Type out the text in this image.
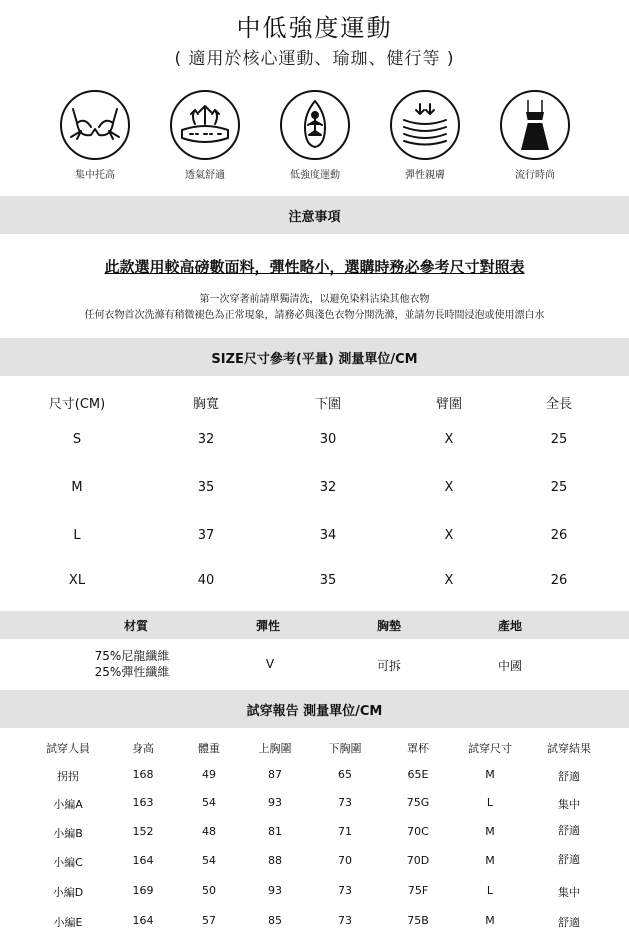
中低強度運動
( 適用於核心運動、瑜珈、健行等 )
集中托高	透氣舒適	低強度運動	彈性親膚	流行時尚
注意事項
此款選用較高磅數面料，彈性略小，選購時務必參考尺寸對照表
第一次穿著前請單獨清洗，以避免染料沾染其他衣物
任何衣物首次洗滌有稍微褪色為正常現象，請務必與淺色衣物分開洗滌，並請勿長時間浸泡或使用漂白水
SIZE尺寸參考(平量) 測量單位/CM
尺寸(CM)	胸寬	下圍	臂圍	全長
S	32	30	X	25
M	35	32	X	25
L	37	34	X	26
XL	40	35	X	26
材質	彈性	胸墊	產地
75%尼龍纖維
25%彈性纖維
V	可拆	中國
試穿報告 測量單位/CM
試穿人員	身高	體重	上胸圍	下胸圍	罩杯	試穿尺寸	試穿結果
拐拐	168	49	87	65	65E	M	舒適
小編A	163	54	93	73	75G	L	集中
小編B	152	48	81	71	70C	M	舒適
小編C	164	54	88	70	70D	M	舒適
小編D	169	50	93	73	75F	L	集中
小編E	164	57	85	73	75B	M	舒適
